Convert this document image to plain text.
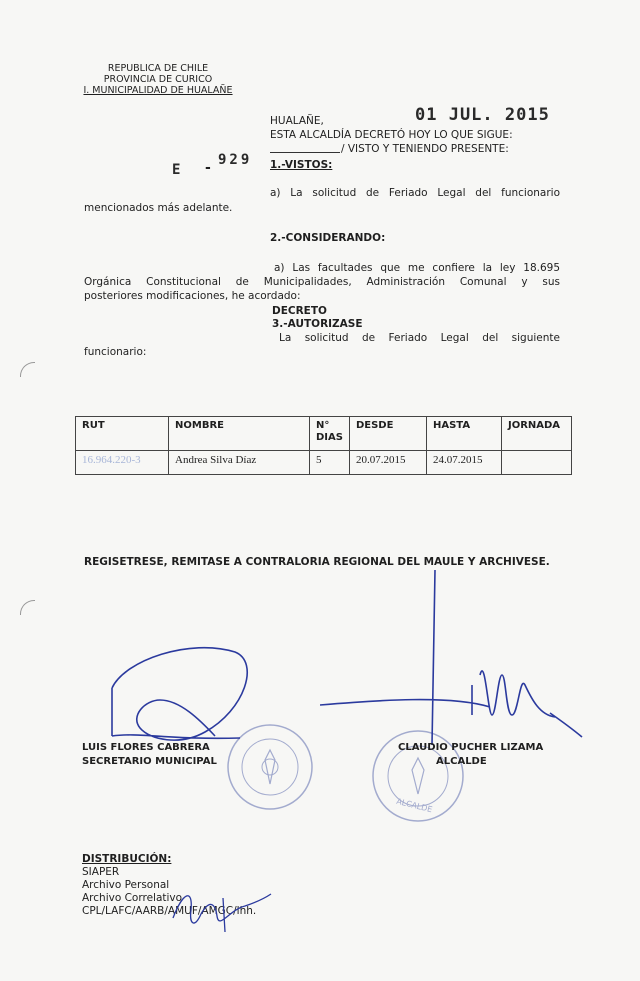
REPUBLICA DE CHILE
PROVINCIA DE CURICO
I. MUNICIPALIDAD DE HUALAÑE
HUALAÑE,	01 JUL. 2015
ESTA ALCALDÍA DECRETÓ HOY LO QUE SIGUE:
E - 929
/ VISTO Y TENIENDO PRESENTE:
1.-VISTOS:
a) La solicitud de Feriado Legal del funcionario
mencionados más adelante.
2.-CONSIDERANDO:
a) Las facultades que me confiere la ley 18.695
Orgánica Constitucional de Municipalidades, Administración Comunal y sus
posteriores modificaciones, he acordado:
DECRETO
3.-AUTORIZASE
La solicitud de Feriado Legal del siguiente
funcionario:
RUT	NOMBRE	N° DIAS	DESDE	HASTA	JORNADA
16.964.220-3	Andrea Silva Díaz	5	20.07.2015	24.07.2015	
REGISETRESE, REMITASE A CONTRALORIA REGIONAL DEL MAULE Y ARCHIVESE.
ALCALDE
LUIS FLORES CABRERA
SECRETARIO MUNICIPAL
CLAUDIO PUCHER LIZAMA
ALCALDE
DISTRIBUCIÓN:
SIAPER
Archivo Personal
Archivo Correlativo
CPL/LAFC/AARB/AMUF/AMGC/lhh.
